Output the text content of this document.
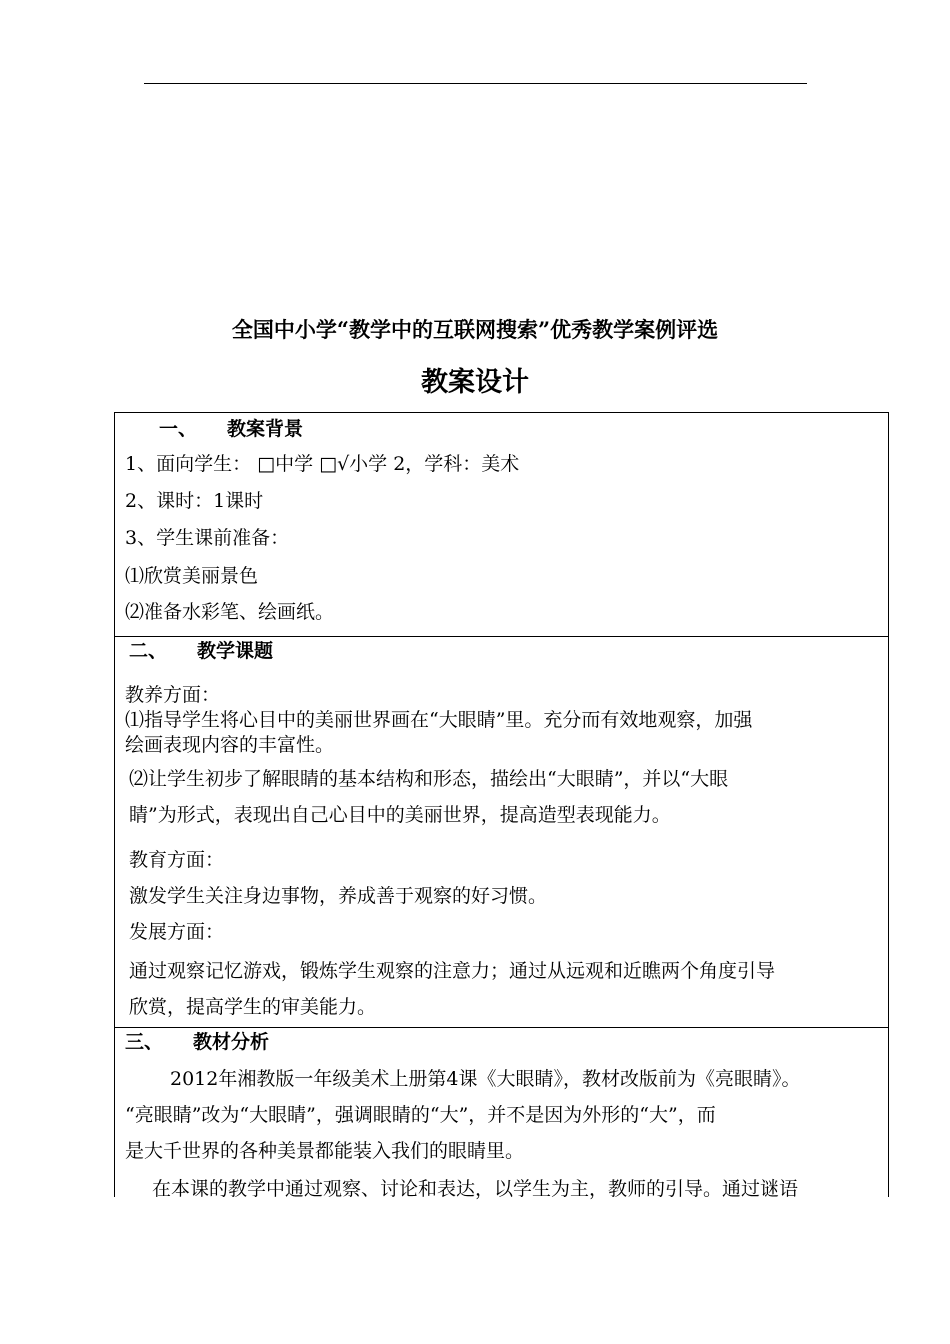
全国中小学“教学中的互联网搜索”优秀教学案例评选
教案设计
一、 教案背景
1、面向学生： □中学 □√小学 2，学科：美术
2、课时：1课时
3、学生课前准备：
⑴欣赏美丽景色
⑵准备水彩笔、绘画纸。
二、 教学课题
教养方面：
⑴指导学生将心目中的美丽世界画在“大眼睛”里。充分而有效地观察，加强
绘画表现内容的丰富性。
⑵让学生初步了解眼睛的基本结构和形态，描绘出“大眼睛”，并以“大眼
睛”为形式，表现出自己心目中的美丽世界，提高造型表现能力。
教育方面：
激发学生关注身边事物，养成善于观察的好习惯。
发展方面：
通过观察记忆游戏，锻炼学生观察的注意力；通过从远观和近瞧两个角度引导
欣赏，提高学生的审美能力。
三、 教材分析
2012年湘教版一年级美术上册第4课《大眼睛》，教材改版前为《亮眼睛》。
“亮眼睛”改为“大眼睛”，强调眼睛的“大”，并不是因为外形的“大”，而
是大千世界的各种美景都能装入我们的眼睛里。
在本课的教学中通过观察、讨论和表达，以学生为主，教师的引导。通过谜语
